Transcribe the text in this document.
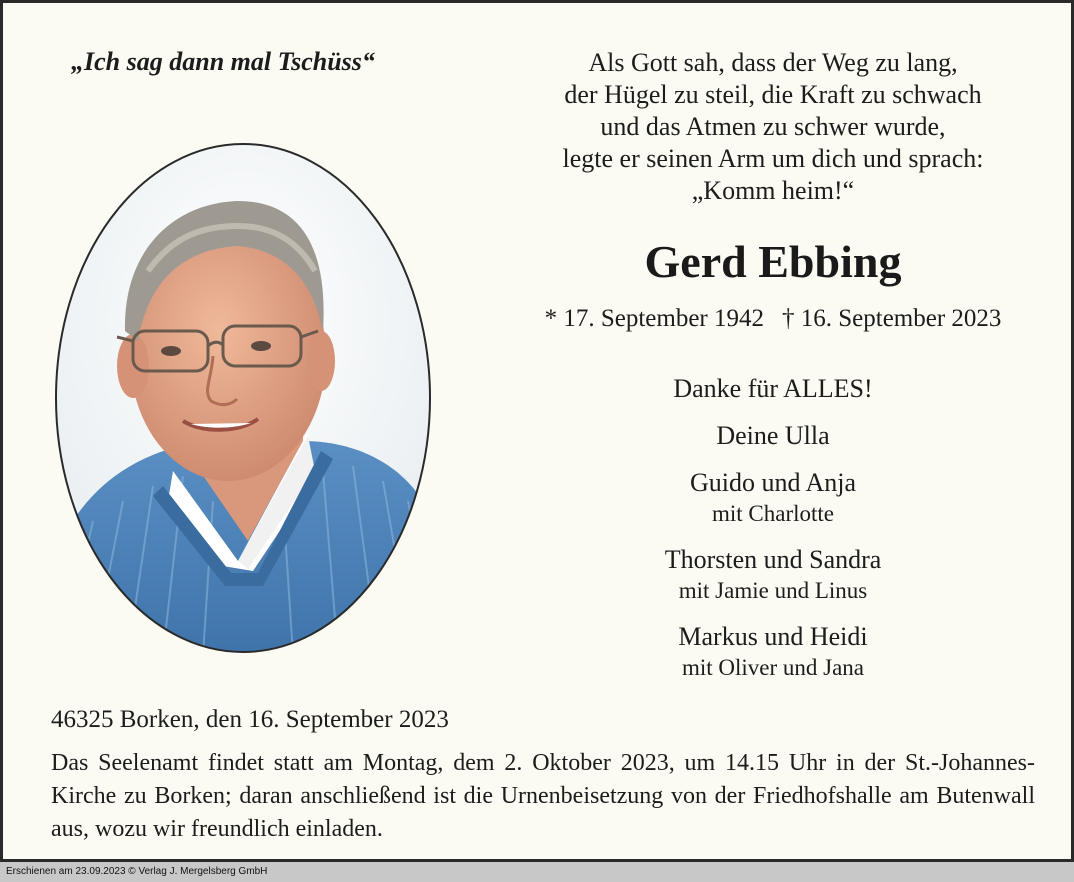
„Ich sag dann mal Tschüss“	Als Gott sah, dass der Weg zu lang,
der Hügel zu steil, die Kraft zu schwach
und das Atmen zu schwer wurde,
legte er seinen Arm um dich und sprach:
„Komm heim!“
Gerd Ebbing
* 17. September 1942 † 16. September 2023
Danke für ALLES!
Deine Ulla
Guido und Anja
mit Charlotte
Thorsten und Sandra
mit Jamie und Linus
Markus und Heidi
mit Oliver und Jana
46325 Borken, den 16. September 2023
Das Seelenamt findet statt am Montag, dem 2. Oktober 2023, um 14.15 Uhr in der St.-Johannes-Kirche zu Borken; daran anschließend ist die Urnenbeisetzung von der Friedhofshalle am Butenwall aus, wozu wir freundlich einladen.
Erschienen am 23.09.2023 © Verlag J. Mergelsberg GmbH
